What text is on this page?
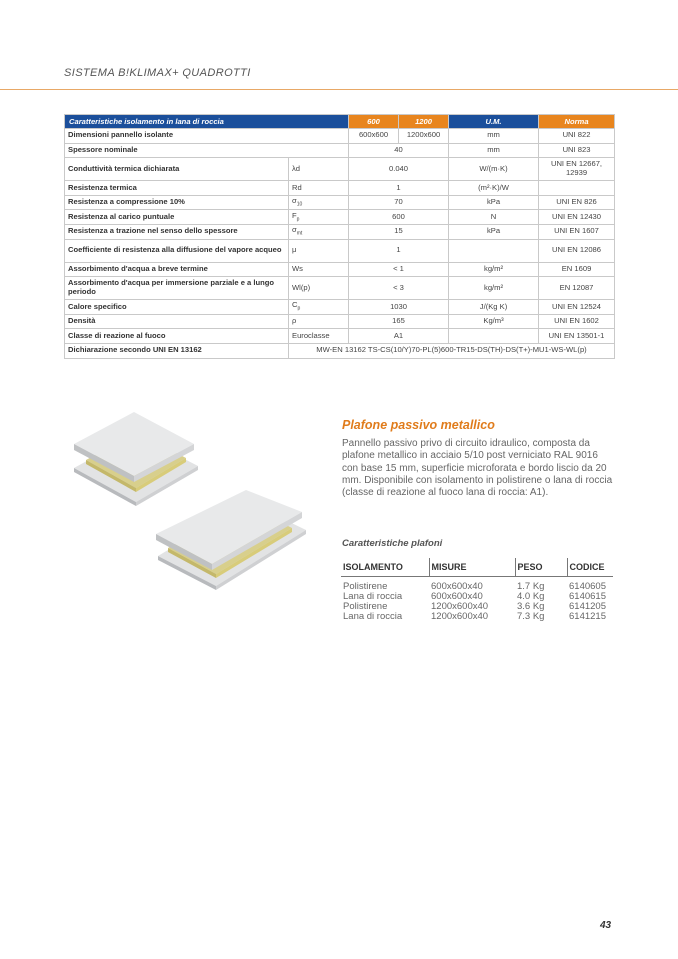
SISTEMA B!KLIMAX+ QUADROTTI
Caratteristiche isolamento in lana di roccia		600	1200	U.M.	Norma
Dimensioni pannello isolante		600x600	1200x600	mm	UNI 822
Spessore nominale		40		mm	UNI 823
Conduttività termica dichiarata	λd	0.040		W/(m·K)	UNI EN 12667, 12939
Resistenza termica	Rd	1		(m²·K)/W	
Resistenza a compressione 10%	$\sigma_{10}$	70		kPa	UNI EN 826
Resistenza al carico puntuale	$F_p$	600		N	UNI EN 12430
Resistenza a trazione nel senso dello spessore	$\sigma_{mt}$	15		kPa	UNI EN 1607
Coefficiente di resistenza alla diffusione del vapore acqueo	μ	1			UNI EN 12086
Assorbimento d'acqua a breve termine	Ws	< 1		kg/m²	EN 1609
Assorbimento d'acqua per immersione parziale e a lungo periodo	Wl(p)	< 3		kg/m²	EN 12087
Calore specifico	$C_p$	1030		J/(Kg K)	UNI EN 12524
Densità	ρ	165		Kg/m³	UNI EN 1602
Classe di reazione al fuoco	Euroclasse	A1			UNI EN 13501-1
Dichiarazione secondo UNI EN 13162	MW-EN 13162 TS-CS(10/Y)70-PL(5)600-TR15-DS(TH)-DS(T+)-MU1-WS-WL(p)				
Plafone passivo metallico
Pannello passivo privo di circuito idraulico, composta da plafone metallico in acciaio 5/10 post verniciato RAL 9016 con base 15 mm, superficie microforata e bordo liscio da 20 mm. Disponibile con isolamento in polistirene o lana di roccia (classe di reazione al fuoco lana di roccia: A1).
Caratteristiche plafoni
ISOLAMENTO	MISURE	PESO	CODICE
Polistirene	600x600x40	1.7 Kg	6140605
Lana di roccia	600x600x40	4.0 Kg	6140615
Polistirene	1200x600x40	3.6 Kg	6141205
Lana di roccia	1200x600x40	7.3 Kg	6141215
43
